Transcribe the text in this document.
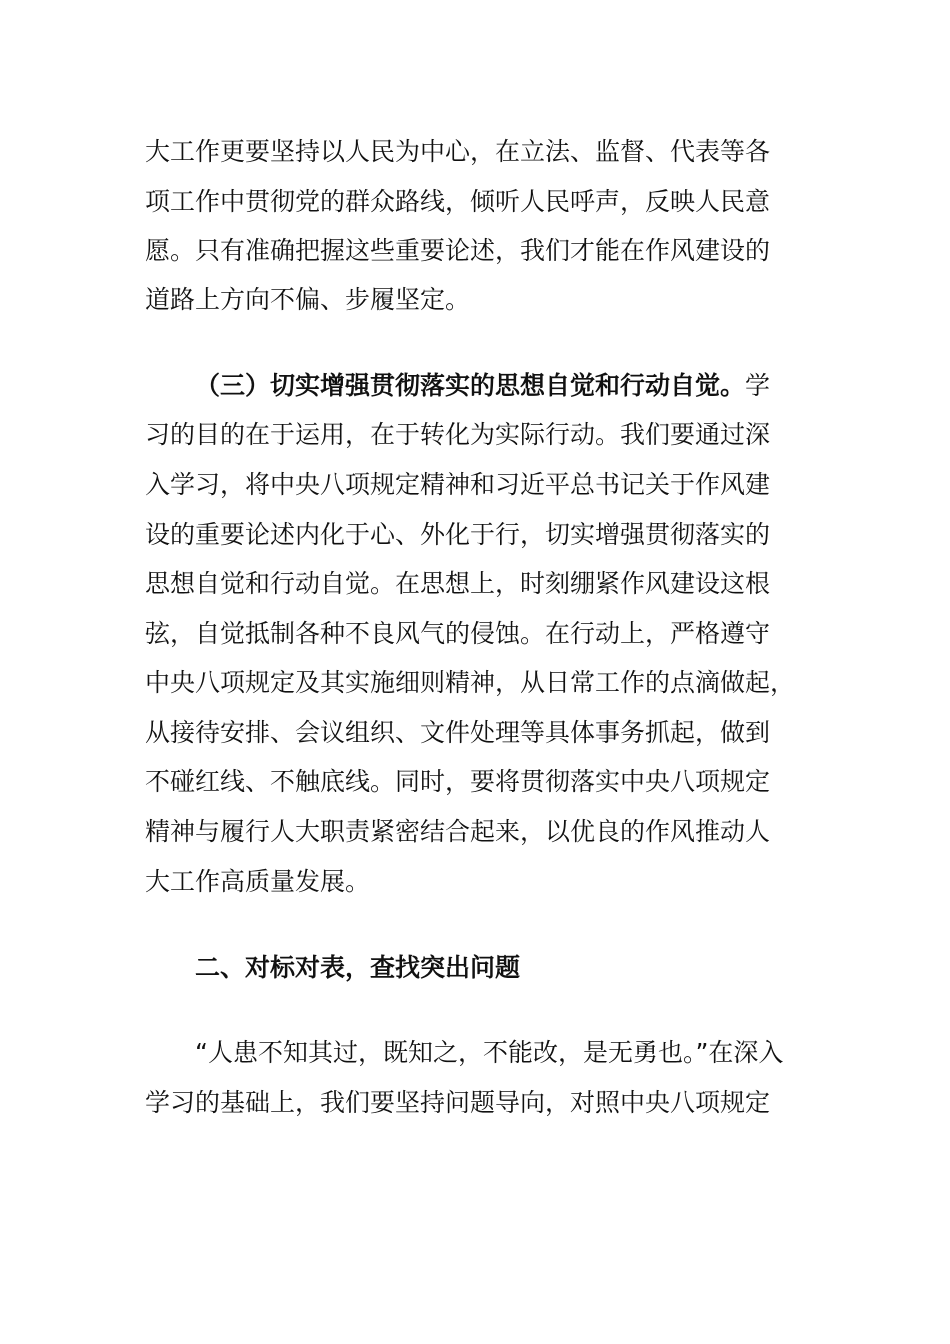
大工作更要坚持以人民为中心，在立法、监督、代表等各
项工作中贯彻党的群众路线，倾听人民呼声，反映人民意
愿。只有准确把握这些重要论述，我们才能在作风建设的
道路上方向不偏、步履坚定。
（三）切实增强贯彻落实的思想自觉和行动自觉。学
习的目的在于运用，在于转化为实际行动。我们要通过深
入学习，将中央八项规定精神和习近平总书记关于作风建
设的重要论述内化于心、外化于行，切实增强贯彻落实的
思想自觉和行动自觉。在思想上，时刻绷紧作风建设这根
弦，自觉抵制各种不良风气的侵蚀。在行动上，严格遵守
中央八项规定及其实施细则精神，从日常工作的点滴做起，
从接待安排、会议组织、文件处理等具体事务抓起，做到
不碰红线、不触底线。同时，要将贯彻落实中央八项规定
精神与履行人大职责紧密结合起来，以优良的作风推动人
大工作高质量发展。
二、对标对表，查找突出问题
“人患不知其过，既知之，不能改，是无勇也。”在深入
学习的基础上，我们要坚持问题导向，对照中央八项规定
